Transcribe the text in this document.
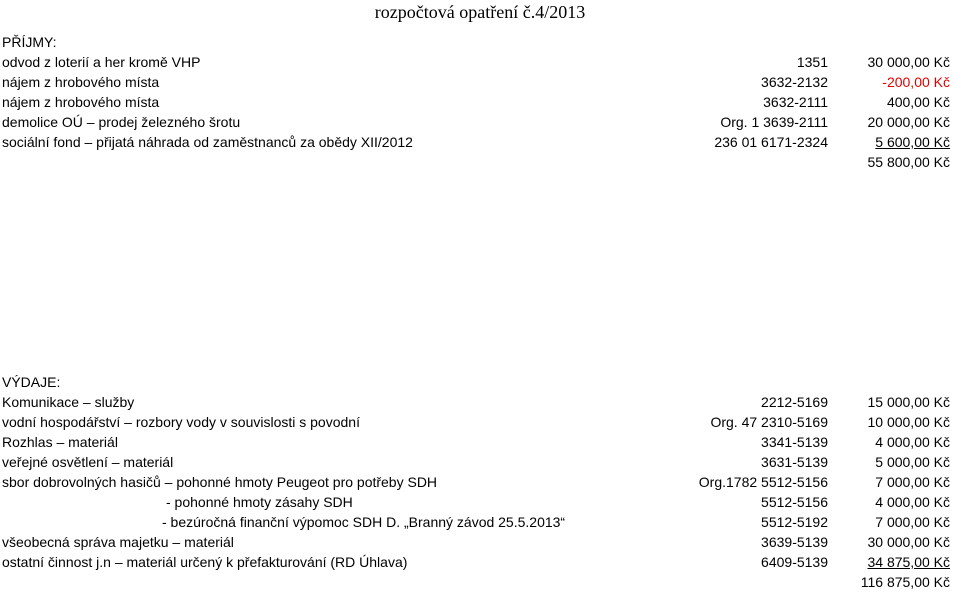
rozpočtová opatření č.4/2013
PŘÍJMY:
odvod z loterií a her kromě VHP	1351	30 000,00 Kč
nájem z hrobového místa	3632-2132	-200,00 Kč
nájem z hrobového místa	3632-2111	400,00 Kč
demolice OÚ – prodej železného šrotu	Org. 1 3639-2111	20 000,00 Kč
sociální fond – přijatá náhrada od zaměstnanců za obědy XII/2012	236 01 6171-2324	5 600,00 Kč
55 800,00 Kč
VÝDAJE:
Komunikace – služby	2212-5169	15 000,00 Kč
vodní hospodářství – rozbory vody v souvislosti s povodní	Org. 47 2310-5169	10 000,00 Kč
Rozhlas – materiál	3341-5139	4 000,00 Kč
veřejné osvětlení – materiál	3631-5139	5 000,00 Kč
sbor dobrovolných hasičů – pohonné hmoty Peugeot pro potřeby SDH	Org.1782 5512-5156	7 000,00 Kč
- pohonné hmoty zásahy SDH	5512-5156	4 000,00 Kč
- bezúročná finanční výpomoc SDH D. „Branný závod 25.5.2013“	5512-5192	7 000,00 Kč
všeobecná správa majetku – materiál	3639-5139	30 000,00 Kč
ostatní činnost j.n – materiál určený k přefakturování (RD Úhlava)	6409-5139	34 875,00 Kč
116 875,00 Kč
